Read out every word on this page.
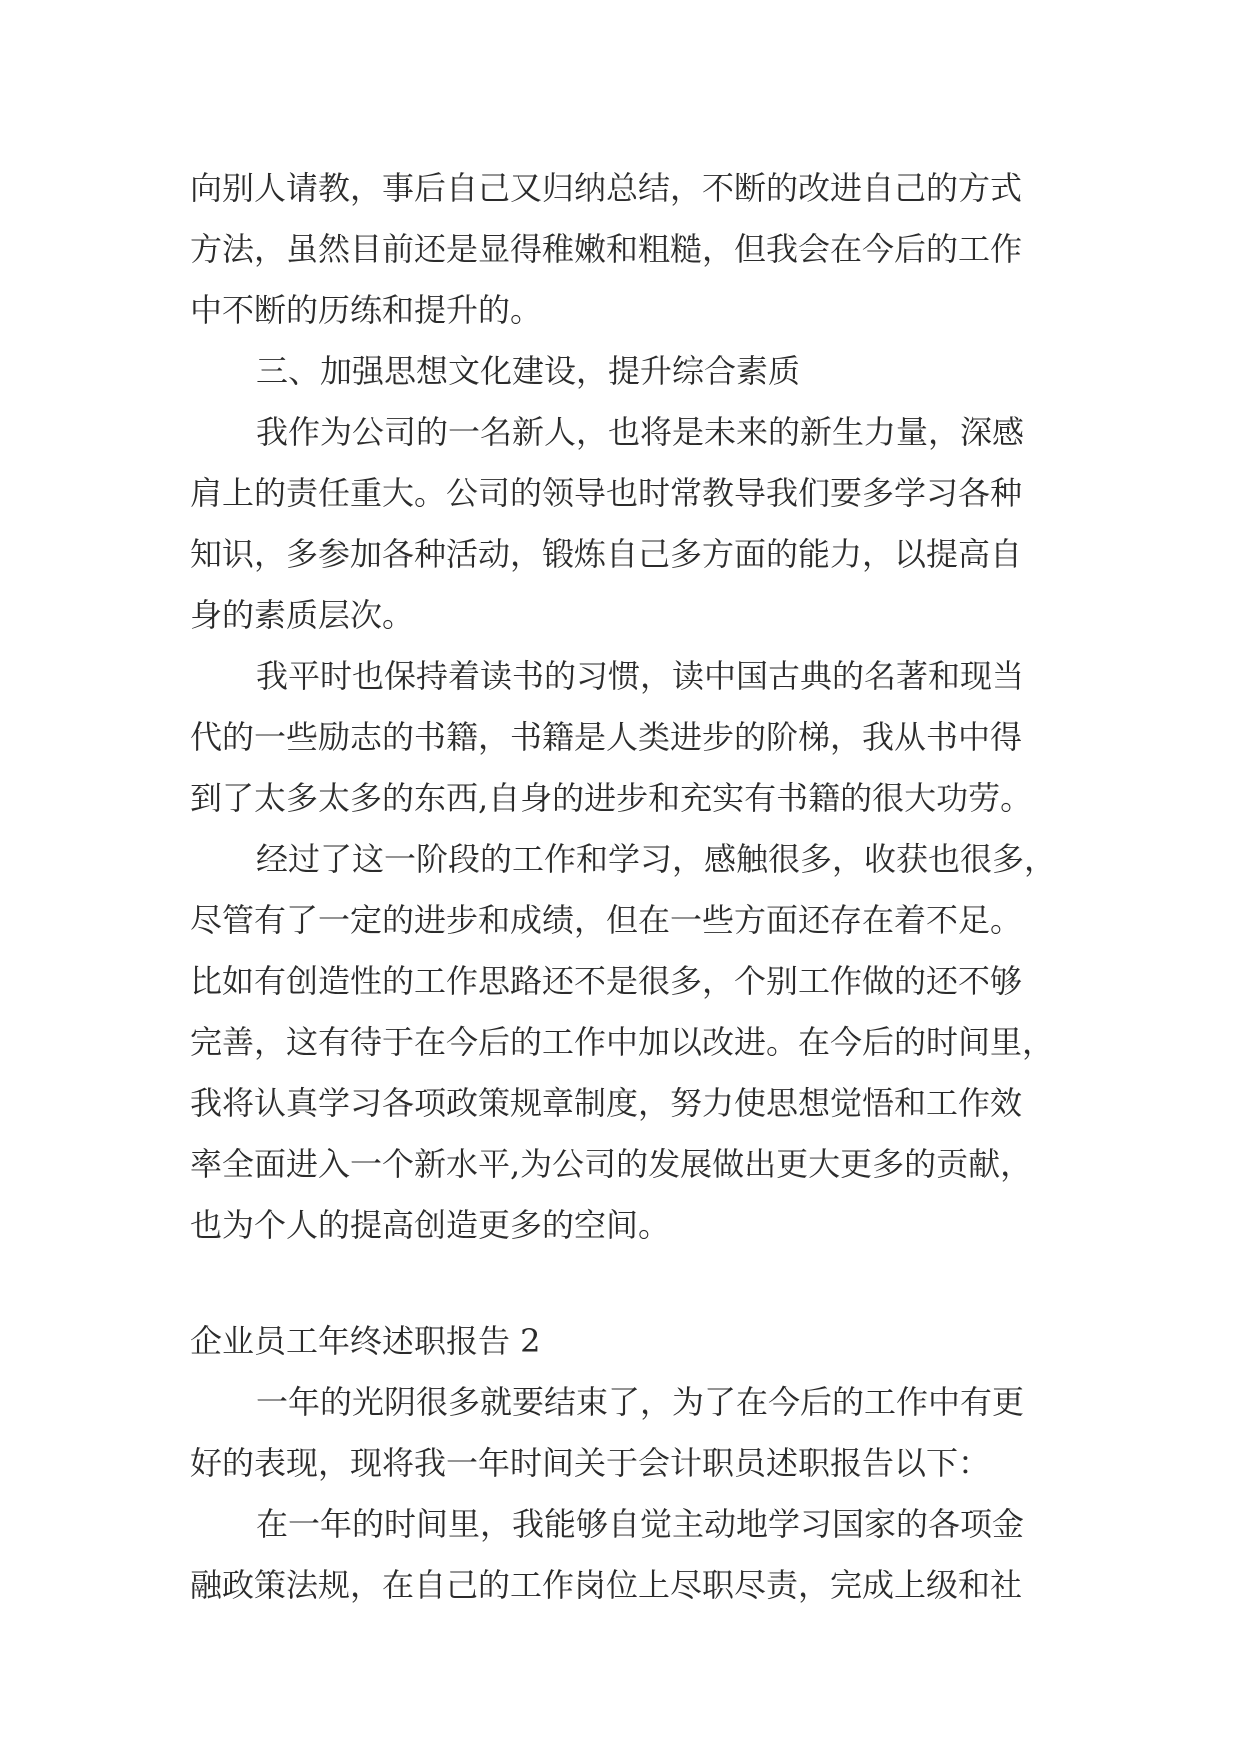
向别人请教，事后自己又归纳总结，不断的改进自己的方式
方法，虽然目前还是显得稚嫩和粗糙，但我会在今后的工作
中不断的历练和提升的。
三、加强思想文化建设，提升综合素质
我作为公司的一名新人，也将是未来的新生力量，深感
肩上的责任重大。公司的领导也时常教导我们要多学习各种
知识，多参加各种活动，锻炼自己多方面的能力，以提高自
身的素质层次。
我平时也保持着读书的习惯，读中国古典的名著和现当
代的一些励志的书籍，书籍是人类进步的阶梯，我从书中得
到了太多太多的东西,自身的进步和充实有书籍的很大功劳。
经过了这一阶段的工作和学习，感触很多，收获也很多，
尽管有了一定的进步和成绩，但在一些方面还存在着不足。
比如有创造性的工作思路还不是很多，个别工作做的还不够
完善，这有待于在今后的工作中加以改进。在今后的时间里，
我将认真学习各项政策规章制度，努力使思想觉悟和工作效
率全面进入一个新水平,为公司的发展做出更大更多的贡献，
也为个人的提高创造更多的空间。
企业员工年终述职报告 2
一年的光阴很多就要结束了，为了在今后的工作中有更
好的表现，现将我一年时间关于会计职员述职报告以下：
在一年的时间里，我能够自觉主动地学习国家的各项金
融政策法规，在自己的工作岗位上尽职尽责，完成上级和社
